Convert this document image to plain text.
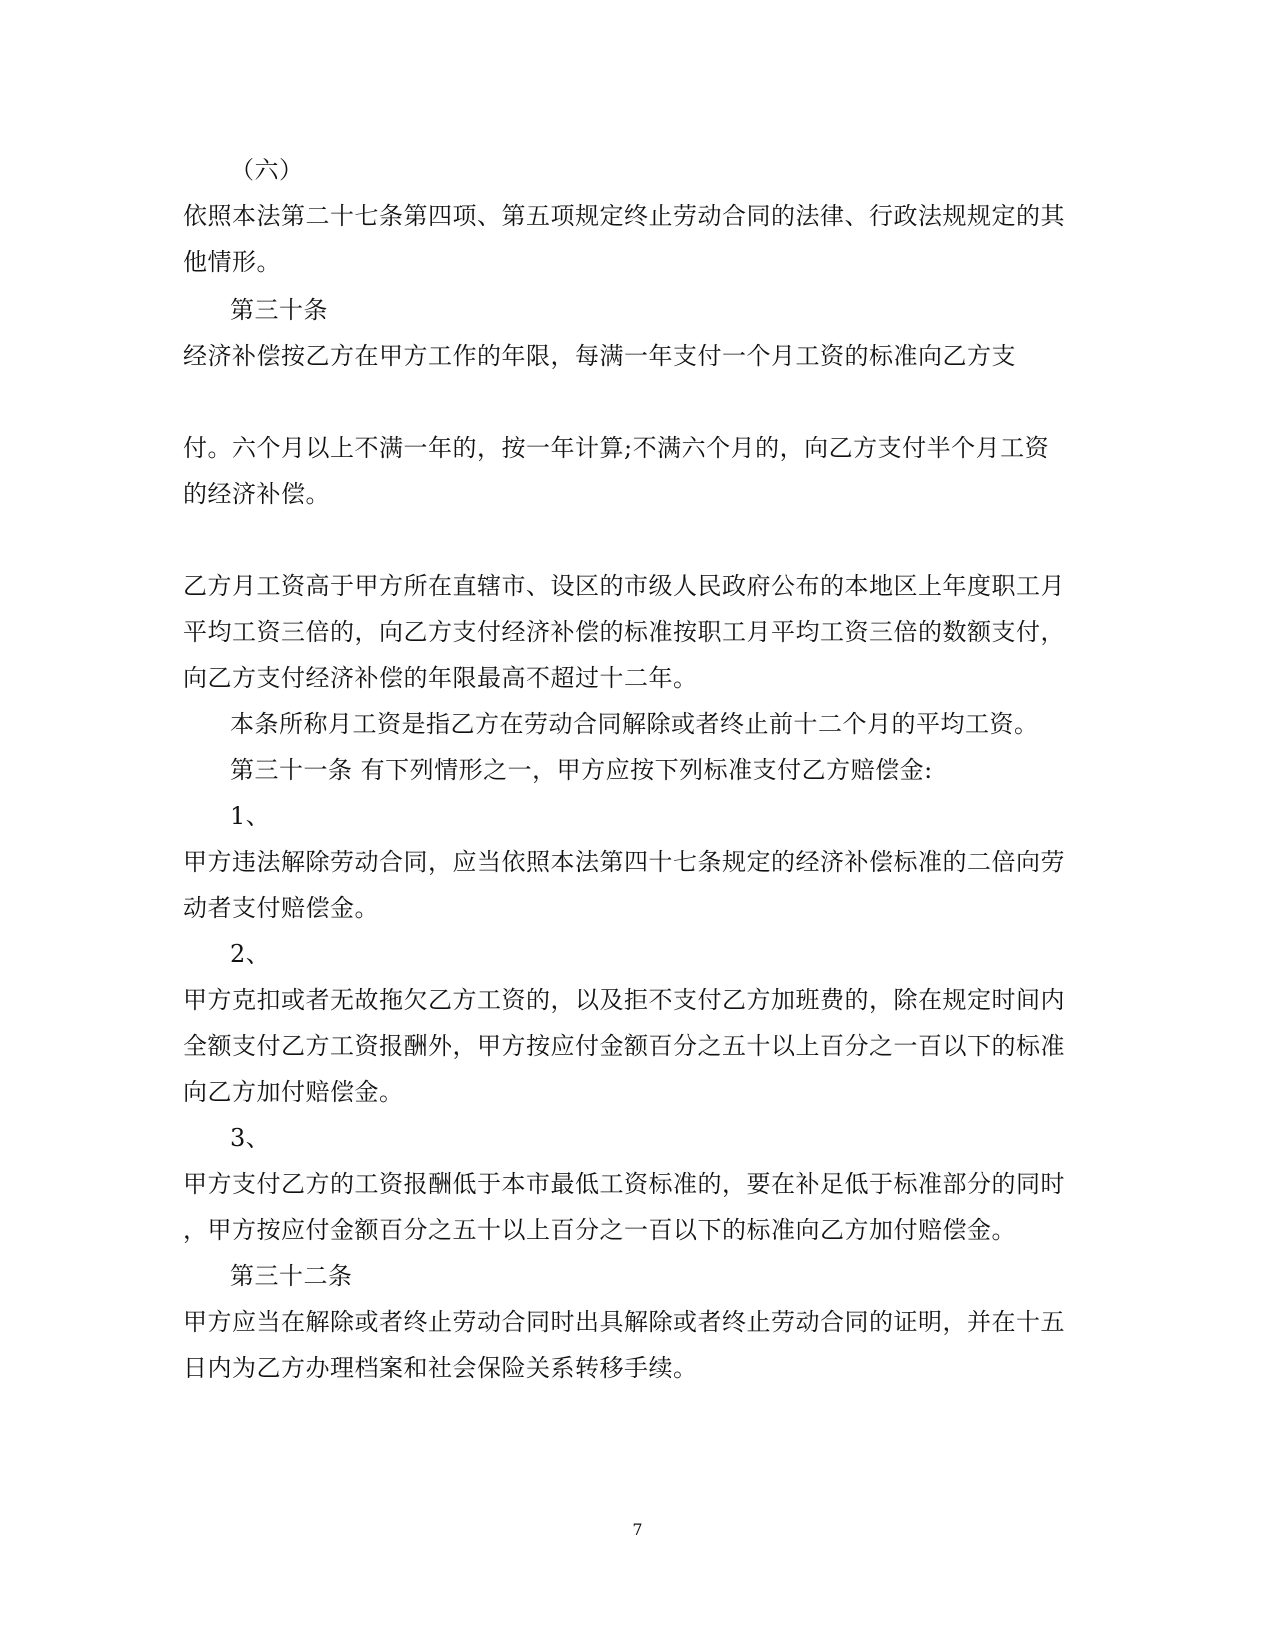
（六）
依照本法第二十七条第四项、第五项规定终止劳动合同的法律、行政法规规定的其
他情形。
第三十条
经济补偿按乙方在甲方工作的年限，每满一年支付一个月工资的标准向乙方支
付。六个月以上不满一年的，按一年计算;不满六个月的，向乙方支付半个月工资
的经济补偿。
乙方月工资高于甲方所在直辖市、设区的市级人民政府公布的本地区上年度职工月
平均工资三倍的，向乙方支付经济补偿的标准按职工月平均工资三倍的数额支付，
向乙方支付经济补偿的年限最高不超过十二年。
本条所称月工资是指乙方在劳动合同解除或者终止前十二个月的平均工资。
第三十一条 有下列情形之一，甲方应按下列标准支付乙方赔偿金:
1、
甲方违法解除劳动合同，应当依照本法第四十七条规定的经济补偿标准的二倍向劳
动者支付赔偿金。
2、
甲方克扣或者无故拖欠乙方工资的，以及拒不支付乙方加班费的，除在规定时间内
全额支付乙方工资报酬外，甲方按应付金额百分之五十以上百分之一百以下的标准
向乙方加付赔偿金。
3、
甲方支付乙方的工资报酬低于本市最低工资标准的，要在补足低于标准部分的同时
，甲方按应付金额百分之五十以上百分之一百以下的标准向乙方加付赔偿金。
第三十二条
甲方应当在解除或者终止劳动合同时出具解除或者终止劳动合同的证明，并在十五
日内为乙方办理档案和社会保险关系转移手续。
7
